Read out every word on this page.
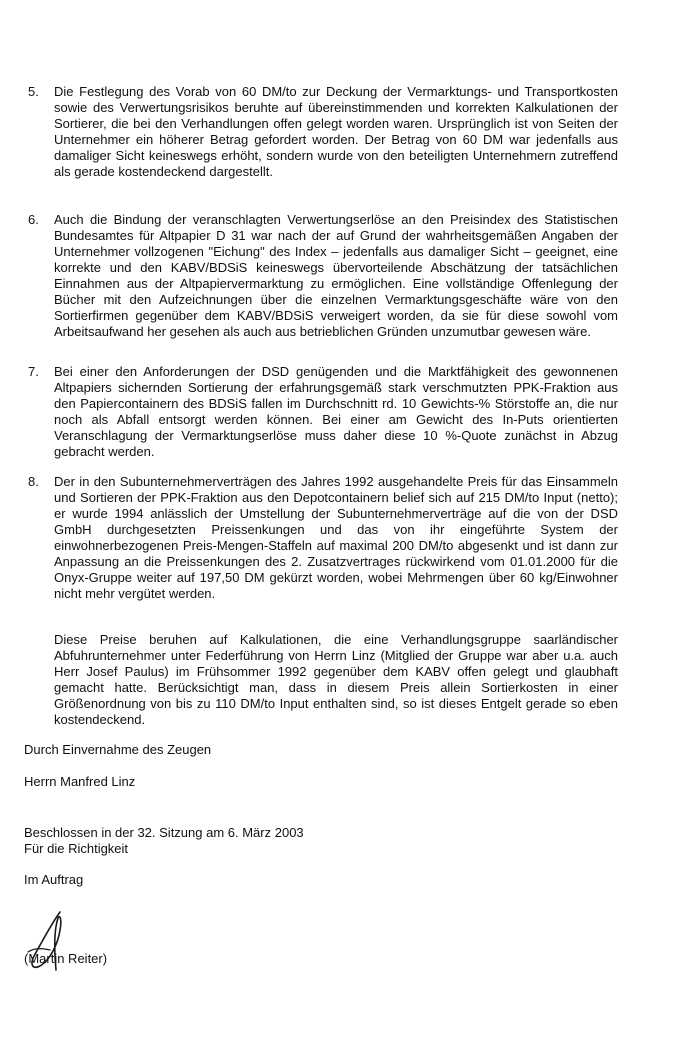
5.	Die Festlegung des Vorab von 60 DM/to zur Deckung der Vermarktungs- und Transportkosten sowie des Verwertungsrisikos beruhte auf übereinstimmenden und korrekten Kalkulationen der Sortierer, die bei den Verhandlungen offen gelegt worden waren. Ursprünglich ist von Seiten der Unternehmer ein höherer Betrag gefordert worden. Der Betrag von 60 DM war jedenfalls aus damaliger Sicht keineswegs erhöht, sondern wurde von den beteiligten Unternehmern zutreffend als gerade kostendeckend dargestellt.
6.	Auch die Bindung der veranschlagten Verwertungserlöse an den Preisindex des Statistischen Bundesamtes für Altpapier D 31 war nach der auf Grund der wahrheitsgemäßen Angaben der Unternehmer vollzogenen "Eichung" des Index – jedenfalls aus damaliger Sicht – geeignet, eine korrekte und den KABV/BDSiS keineswegs übervorteilende Abschätzung der tatsächlichen Einnahmen aus der Altpapiervermarktung zu ermöglichen. Eine vollständige Offenlegung der Bücher mit den Aufzeichnungen über die einzelnen Vermarktungsgeschäfte wäre von den Sortierfirmen gegenüber dem KABV/BDSiS verweigert worden, da sie für diese sowohl vom Arbeitsaufwand her gesehen als auch aus betrieblichen Gründen unzumutbar gewesen wäre.
7.	Bei einer den Anforderungen der DSD genügenden und die Marktfähigkeit des gewonnenen Altpapiers sichernden Sortierung der erfahrungsgemäß stark verschmutzten PPK-Fraktion aus den Papiercontainern des BDSiS fallen im Durchschnitt rd. 10 Gewichts-% Störstoffe an, die nur noch als Abfall entsorgt werden können. Bei einer am Gewicht des In-Puts orientierten Veranschlagung der Vermarktungserlöse muss daher diese 10 %-Quote zunächst in Abzug gebracht werden.
8.	Der in den Subunternehmerverträgen des Jahres 1992 ausgehandelte Preis für das Einsammeln und Sortieren der PPK-Fraktion aus den Depotcontainern belief sich auf 215 DM/to Input (netto); er wurde 1994 anlässlich der Umstellung der Subunternehmerverträge auf die von der DSD GmbH durchgesetzten Preissenkungen und das von ihr eingeführte System der einwohnerbezogenen Preis-Mengen-Staffeln auf maximal 200 DM/to abgesenkt und ist dann zur Anpassung an die Preissenkungen des 2. Zusatzvertrages rückwirkend vom 01.01.2000 für die Onyx-Gruppe weiter auf 197,50 DM gekürzt worden, wobei Mehrmengen über 60 kg/Einwohner nicht mehr vergütet werden.
Diese Preise beruhen auf Kalkulationen, die eine Verhandlungsgruppe saarländischer Abfuhrunternehmer unter Federführung von Herrn Linz (Mitglied der Gruppe war aber u.a. auch Herr Josef Paulus) im Frühsommer 1992 gegenüber dem KABV offen gelegt und glaubhaft gemacht hatte. Berücksichtigt man, dass in diesem Preis allein Sortierkosten in einer Größenordnung von bis zu 110 DM/to Input enthalten sind, so ist dieses Entgelt gerade so eben kostendeckend.
Durch Einvernahme des Zeugen
Herrn Manfred Linz
Beschlossen in der 32. Sitzung am 6. März 2003
Für die Richtigkeit
Im Auftrag
(Martin Reiter)
